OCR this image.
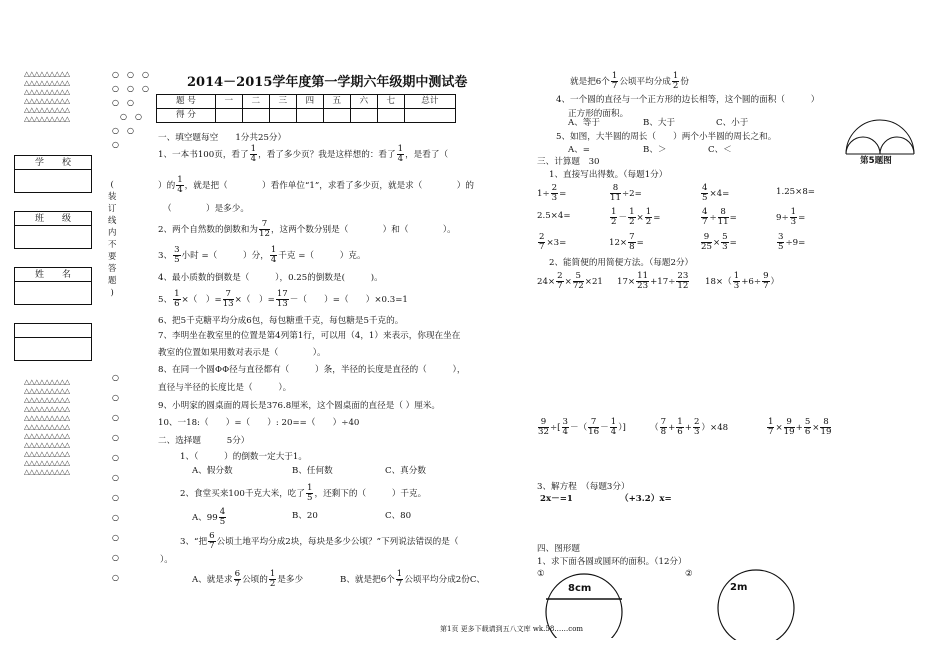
△△△△△△△△△
△△△△△△△△△
△△△△△△△△△
△△△△△△△△△
△△△△△△△△△
△△△△△△△△△
△△△△△△△△△
△△△△△△△△△
△△△△△△△△△
△△△△△△△△△
△△△△△△△△△
△△△△△△△△△
△△△△△△△△△
△△△△△△△△△
△△△△△△△△△
△△△△△△△△△
△△△△△△△△△
学　　校
班　　级
姓　　名
○　○　○
○　○　○
○　○
　○　○
○　○
○
(
装
订
线
内
不
要
答
题
)
○
○
○
○
○
○
○
○
○
○
○
2014－2015学年度第一学期六年级期中测试卷
题 号	一	二	三	四	五	六	七	总计
得 分								
一、填空题每空　　1分共25分）
1、一本书100页，看了 $\frac{1}{4}$ ，看了多少页？我是这样想的：看了 $\frac{1}{4}$ ，是看了（
）的 $\frac{1}{4}$ ，就是把（　　　　）看作单位“1”，求看了多少页，就是求（　　　　）的
（　　　　）是多少。
2、两个自然数的倒数和为 $\frac{7}{12}$ ，这两个数分别是（　　　　）和（　　　　）。
3、 $\frac{3}{5}$ 小时 =（　　　）分， $\frac{1}{4}$ 千克 =（　　　）克。
4、最小质数的倒数是（　　　），0.25的倒数是(　　　)。
5、 $\frac{1}{6}$ ×（　）= $\frac{7}{13}$ ×（　）= $\frac{17}{13}$ －（　　）=（　　）×0.3=1
6、把5千克糖平均分成6包，每包糖重千克，每包糖是5千克的。
7、李明坐在教室里的位置是第4列第1行，可以用（4，1）来表示，你现在坐在
教室的位置如果用数对表示是（　　　　）。
8、在同一个圆ΦΦ径与直径都有（　　　）条，半径的长度是直径的（　　　），
直径与半径的长度比是（　　　）。
9、小明家的圆桌面的周长是376.8厘米，这个圆桌面的直径是（ ）厘米。
10、一18:（　　）=（　　）: 20==（　　）÷40
二、选择题　　　5分）
1、（　　　）的倒数一定大于1。
A、假分数	B、任何数	C、真分数
2、食堂买来100千克大米，吃了 $\frac{1}{5}$ ，还剩下的（　　　）千克。
A、$99 \frac{4}{5}$	B、20	C、80
3、“把 $\frac{6}{7}$ 公顷土地平均分成2块，每块是多少公顷？”下列说法错误的是（
）。
A、就是求 $\frac{6}{7}$ 公顷的 $\frac{1}{2}$ 是多少	B、就是把6个 $\frac{1}{7}$ 公顷平均分成2份C、
就是把6个 $\frac{1}{7}$ 公顷平均分成 $\frac{1}{2}$ 份
4、一个圆的直径与一个正方形的边长相等，这个圆的面积（　　　）
正方形的面积。
A、等于	B、大于	C、小于
5、如图，大半圆的周长（　　）两个小半圆的周长之和。
A、=	B、＞	C、＜
第5题图
三、计算题　30
1、直接写出得数。（每题1分）
$1\div \frac{2}{3}$ =	$\frac{8}{11} \div 2=$	$\frac{4}{5} \times 4=$	1.25×8=
2.5×4=	$\frac{1}{2} - \frac{1}{2} \times \frac{1}{2}$ =	$\frac{4}{7} \div \frac{8}{11}$ =	$9\div \frac{1}{3}$ =
$\frac{2}{7} \times 3=$	$12\times \frac{7}{8}$ =	$\frac{9}{25} \times \frac{5}{3}$ =	$\frac{3}{5} \div 9=$
2、能简便的用简便方法。（每题2分）
$24\times \frac{2}{7} \times \frac{5}{72} \times 21$ $17\times \frac{11}{23} +17\div \frac{23}{12} 18\times( \frac{1}{3} +6\div \frac{9}{7}$ ）
$\frac{9}{32}$ ÷[ $\frac{3}{4}$ －（ $\frac{7}{16} - \frac{1}{4}$ ）]	（ $\frac{7}{8} + \frac{1}{6} + \frac{2}{3} )\times 48$	$\frac{1}{7} \times \frac{9}{19} + \frac{5}{6} \times \frac{8}{19}$
3、解方程　（每题3分）
2x－=1	（+3.2）x=
四、图形题
1、求下面各圆或圆环的面积。（12分）
①	②
8cm	2m
第1页 更多下载请到五八文库 wk.58……com
